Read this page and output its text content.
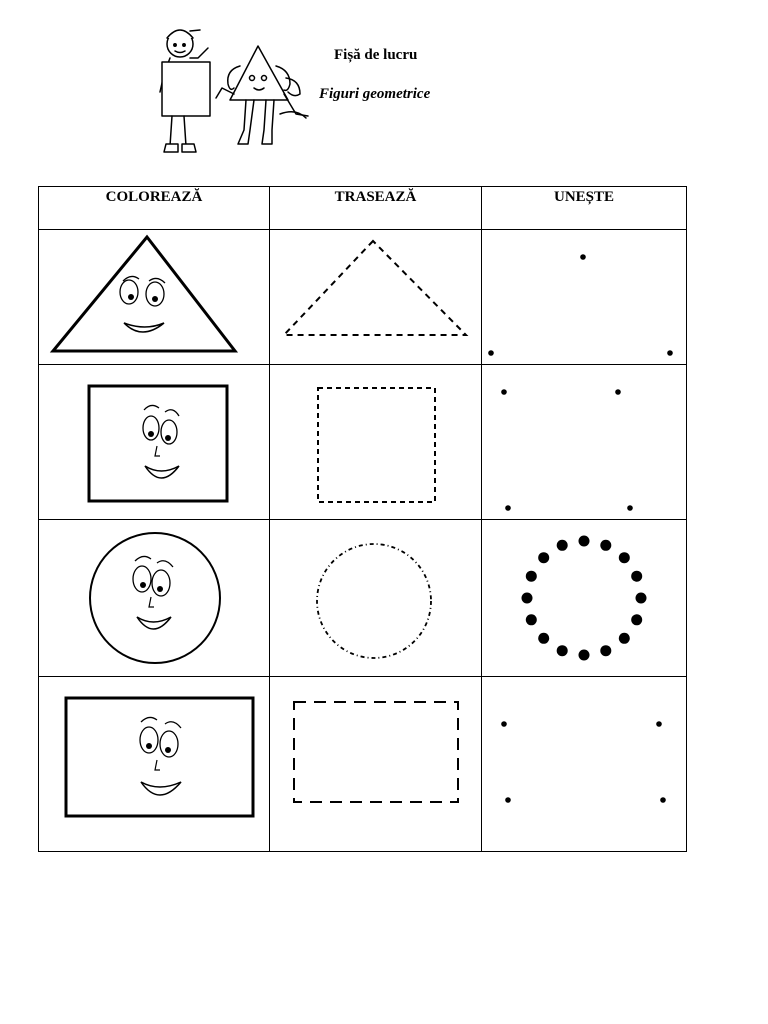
Fișă de lucru
Figuri geometrice
COLOREAZĂ	TRASEAZĂ	UNEȘTE
